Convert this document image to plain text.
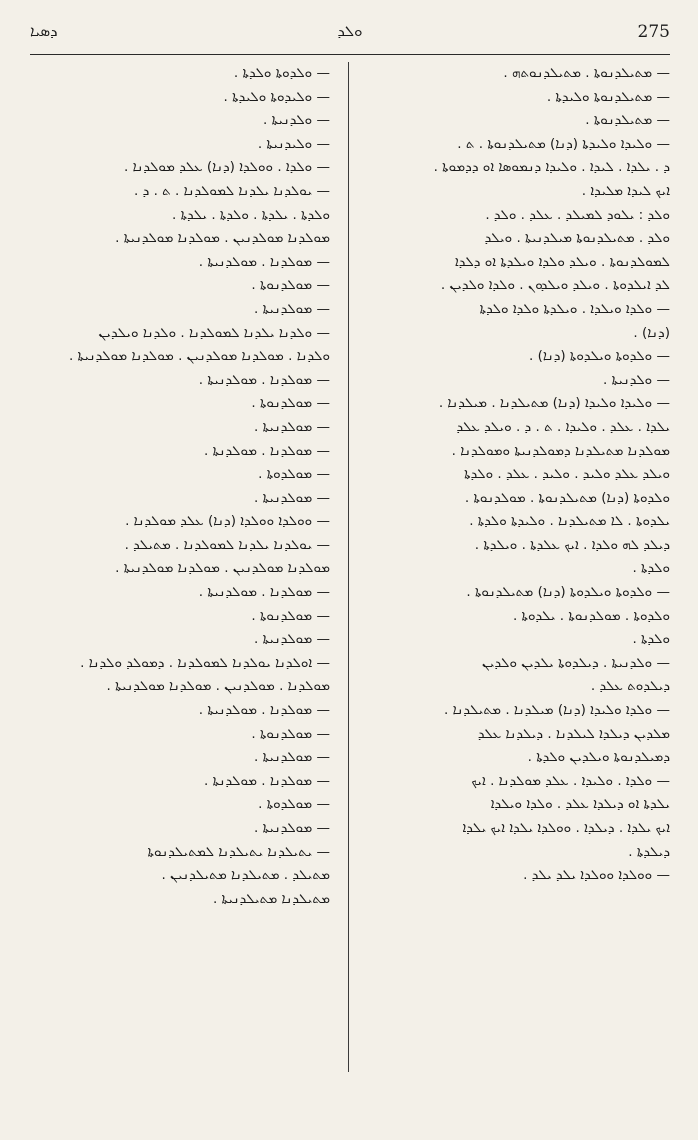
ܕܣܝܐ	ܘܠܕ	275
— ܡܬܝܠܕܢܘܬܐ . ܡܬܝܠܕܢܘܬܗ .
— ܡܬܝܠܕܢܘܬܐ ܘܠܝܕܬܐ .
— ܡܬܝܠܕܢܘܬܐ .
— ܘܠܝܕܐ ܘܠܝܕܬܐ (ܕܢܐ) ܡܬܝܠܕܢܘܬܐ . ܬ .
ܕ . ܝܠܕܐ . ܠܝܕܐ . ܘܠܝܕܐ ܕܢܡܘܣܐ ܐܘ ܕܕܡܘܬܐ .
ܐܝܟ ܠܝܕܐ ܡܠܝܕܐ .
ܘܠܕ : ܝܠܘܕ ܠܡܝܠܕ . ܥܠܕ . ܘܠܕ .
ܘܠܕ . ܡܬܝܠܕܢܘܬܐ ܡܝܠܕܢܝܬܐ . ܘܝܠܕ
ܠܡܘܠܕܢܘܬܐ . ܘܝܠܕ ܘܠܕܐ ܘܝܠܕܬܐ ܐܘ ܕܠܕܐ
ܠܕ ܐܝܠܕܘܬܐ . ܘܝܠܕ ܘܝܠܕܘܢ . ܘܠܕܐ ܘܠܕܝܢ .
— ܘܠܕܐ ܘܝܠܕܐ . ܘܝܠܕܬܐ ܘܠܕܐ ܘܠܕܬܐ
(ܕܢܐ) .
— ܘܠܕܘܬܐ ܘܝܠܕܘܬܐ (ܕܢܐ) .
— ܘܠܕܢܝܬܐ .
— ܘܠܝܕܐ ܘܠܝܕܐ (ܕܢܐ) ܡܬܝܠܕܢܐ . ܡܝܠܕܢܐ .
ܝܠܕܐ . ܥܠܕ . ܘܠܝܕܐ . ܬ . ܕ . ܘܝܠܕ ܥܠܕ
ܡܘܠܕܢܐ ܡܬܝܠܕܢܐ ܕܡܘܠܕܢܝܬܐ ܘܡܘܠܕܢܐ .
ܘܝܠܕ ܥܠܕ ܘܠܝܕ . ܘܠܝܕ . ܥܠܕ . ܘܠܕܬܐ
ܘܠܕܘܬܐ (ܕܢܐ) ܡܬܝܠܕܢܘܬܐ . ܡܘܠܕܢܘܬܐ .
ܝܠܕܘܬܐ . ܠܐ ܡܬܝܠܕܢܐ . ܘܠܝܕܬܐ ܘܠܕܬܐ .
ܕܝܠܕ ܠܗ ܘܠܕܐ . ܐܝܟ ܥܠܕܬܐ . ܘܝܠܕܬܐ .
ܘܠܕܬܐ .
— ܘܠܕܘܬܐ ܘܝܠܕܘܬܐ (ܕܢܐ) ܡܬܝܠܕܢܘܬܐ .
ܘܠܕܘܬܐ . ܡܘܠܕܢܘܬܐ . ܝܠܕܘܬܐ .
ܘܠܕܬܐ .
— ܘܠܕܢܝܬܐ . ܕܝܠܕܘܬܐ ܝܠܕܝܢ ܘܠܕܝܢ
ܕܝܠܕܘܬ ܥܠܕ .
— ܘܠܕܐ ܘܠܝܕܐ (ܕܢܐ) ܡܝܠܕܢܐ . ܡܬܝܠܕܢܐ .
ܡܠܕܝܢ ܕܝܠܕܐ ܠܝܠܕܢܐ . ܕܝܠܕܢܐ ܥܠܕ
ܕܡܝܠܕܢܘܬܐ ܘܝܠܕܝܢ ܘܠܕܬܐ .
— ܘܠܕܐ . ܘܠܝܕܐ . ܥܠܕ ܡܘܠܕܢܐ . ܐܝܟ
ܝܠܕܬܐ ܐܘ ܕܝܠܕܐ ܥܠܕ . ܘܠܕܐ ܘܝܠܕܐ
ܐܝܟ ܝܠܕܐ . ܕܝܠܕܐ . ܘܘܠܕܐ ܝܠܕܐ ܐܝܟ ܝܠܕܐ
ܕܝܠܕܬܐ .
— ܘܘܠܕܐ ܘܘܠܕܐ ܝܠܕ ܝܠܕ .
— ܘܠܕܘܬܐ ܘܠܕܬܐ .
— ܘܠܝܕܘܬܐ ܘܠܝܕܬܐ .
— ܘܠܕܢܝܬܐ .
— ܘܠܝܕܢܝܬܐ .
— ܘܠܕܐ . ܘܘܠܕܐ (ܕܢܐ) ܥܠܕ ܡܘܠܕܢܐ .
— ܝܘܠܕܢܐ ܝܠܕܢܐ ܠܡܘܠܕܢܐ . ܬ . ܕ .
ܘܠܕܬܐ . ܝܠܕܬܐ . ܘܠܕܬܐ . ܝܠܕܬܐ .
ܡܘܠܕܢܐ ܡܘܠܕܢܝܢ . ܡܘܠܕܢܐ ܡܘܠܕܢܝܬܐ .
— ܡܘܠܕܢܐ . ܡܘܠܕܢܝܬܐ .
— ܡܘܠܕܢܘܬܐ .
— ܡܘܠܕܢܝܬܐ .
— ܘܠܕܢܐ ܝܠܕܢܐ ܠܡܘܠܕܢܐ . ܘܠܕܢܐ ܘܝܠܕܝܢ
ܘܠܕܢܐ . ܡܘܠܕܢܐ ܡܘܠܕܢܝܢ . ܡܘܠܕܢܐ ܡܘܠܕܢܝܬܐ .
— ܡܘܠܕܢܐ . ܡܘܠܕܢܝܬܐ .
— ܡܘܠܕܢܘܬܐ .
— ܡܘܠܕܢܝܬܐ .
— ܡܘܠܕܢܐ . ܡܘܠܕܢܬܐ .
— ܡܘܠܕܘܬܐ .
— ܡܘܠܕܢܝܬܐ .
— ܘܘܠܕܐ ܘܘܠܕܐ (ܕܢܐ) ܥܠܕ ܡܘܠܕܢܐ .
— ܝܘܠܕܢܐ ܝܠܕܢܐ ܠܡܘܠܕܢܐ . ܡܬܝܠܕ .
ܡܘܠܕܢܐ ܡܘܠܕܢܝܢ . ܡܘܠܕܢܐ ܡܘܠܕܢܝܬܐ .
— ܡܘܠܕܢܐ . ܡܘܠܕܢܝܬܐ .
— ܡܘܠܕܢܘܬܐ .
— ܡܘܠܕܢܝܬܐ .
— ܐܘܠܕܢܐ ܝܘܠܕܢܐ ܠܡܘܠܕܢܐ . ܕܡܘܠܕ ܘܠܕܢܐ .
ܡܘܠܕܢܐ . ܡܘܠܕܢܝܢ . ܡܘܠܕܢܐ ܡܘܠܕܢܝܬܐ .
— ܡܘܠܕܢܐ . ܡܘܠܕܢܝܬܐ .
— ܡܘܠܕܢܘܬܐ .
— ܡܘܠܕܢܝܬܐ .
— ܡܘܠܕܢܐ . ܡܘܠܕܢܬܐ .
— ܡܘܠܕܘܬܐ .
— ܡܘܠܕܢܝܬܐ .
— ܝܬܝܠܕܢܐ ܝܬܝܠܕܢܐ ܠܡܬܝܠܕܢܘܬܐ
ܡܬܝܠܕ . ܡܬܝܠܕܢܐ ܡܬܝܠܕܢܝܢ .
ܡܬܝܠܕܢܐ ܡܬܝܠܕܢܝܬܐ .
